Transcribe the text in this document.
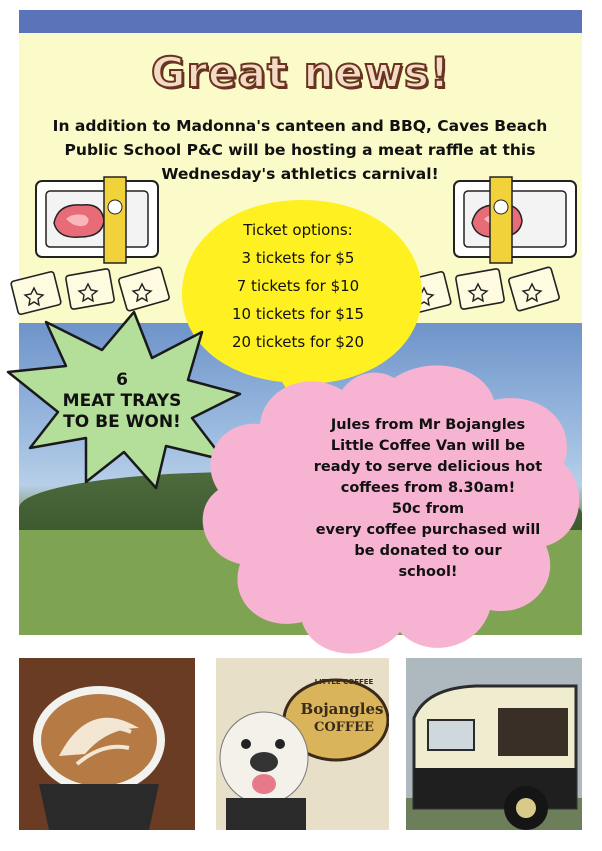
Great news!
In addition to Madonna's canteen and BBQ, Caves Beach
Public School P&C will be hosting a meat raffle at this
Wednesday's athletics carnival!
Ticket options:
3 tickets for $5
7 tickets for $10
10 tickets for $15
20 tickets for $20
6
MEAT TRAYS
TO BE WON!	Jules from Mr Bojangles
Little Coffee Van will be
ready to serve delicious hot
coffees from 8.30am!
50c from
every coffee purchased will
be donated to our
school!
LITTLE COFFEE
Bojangles
COFFEE
